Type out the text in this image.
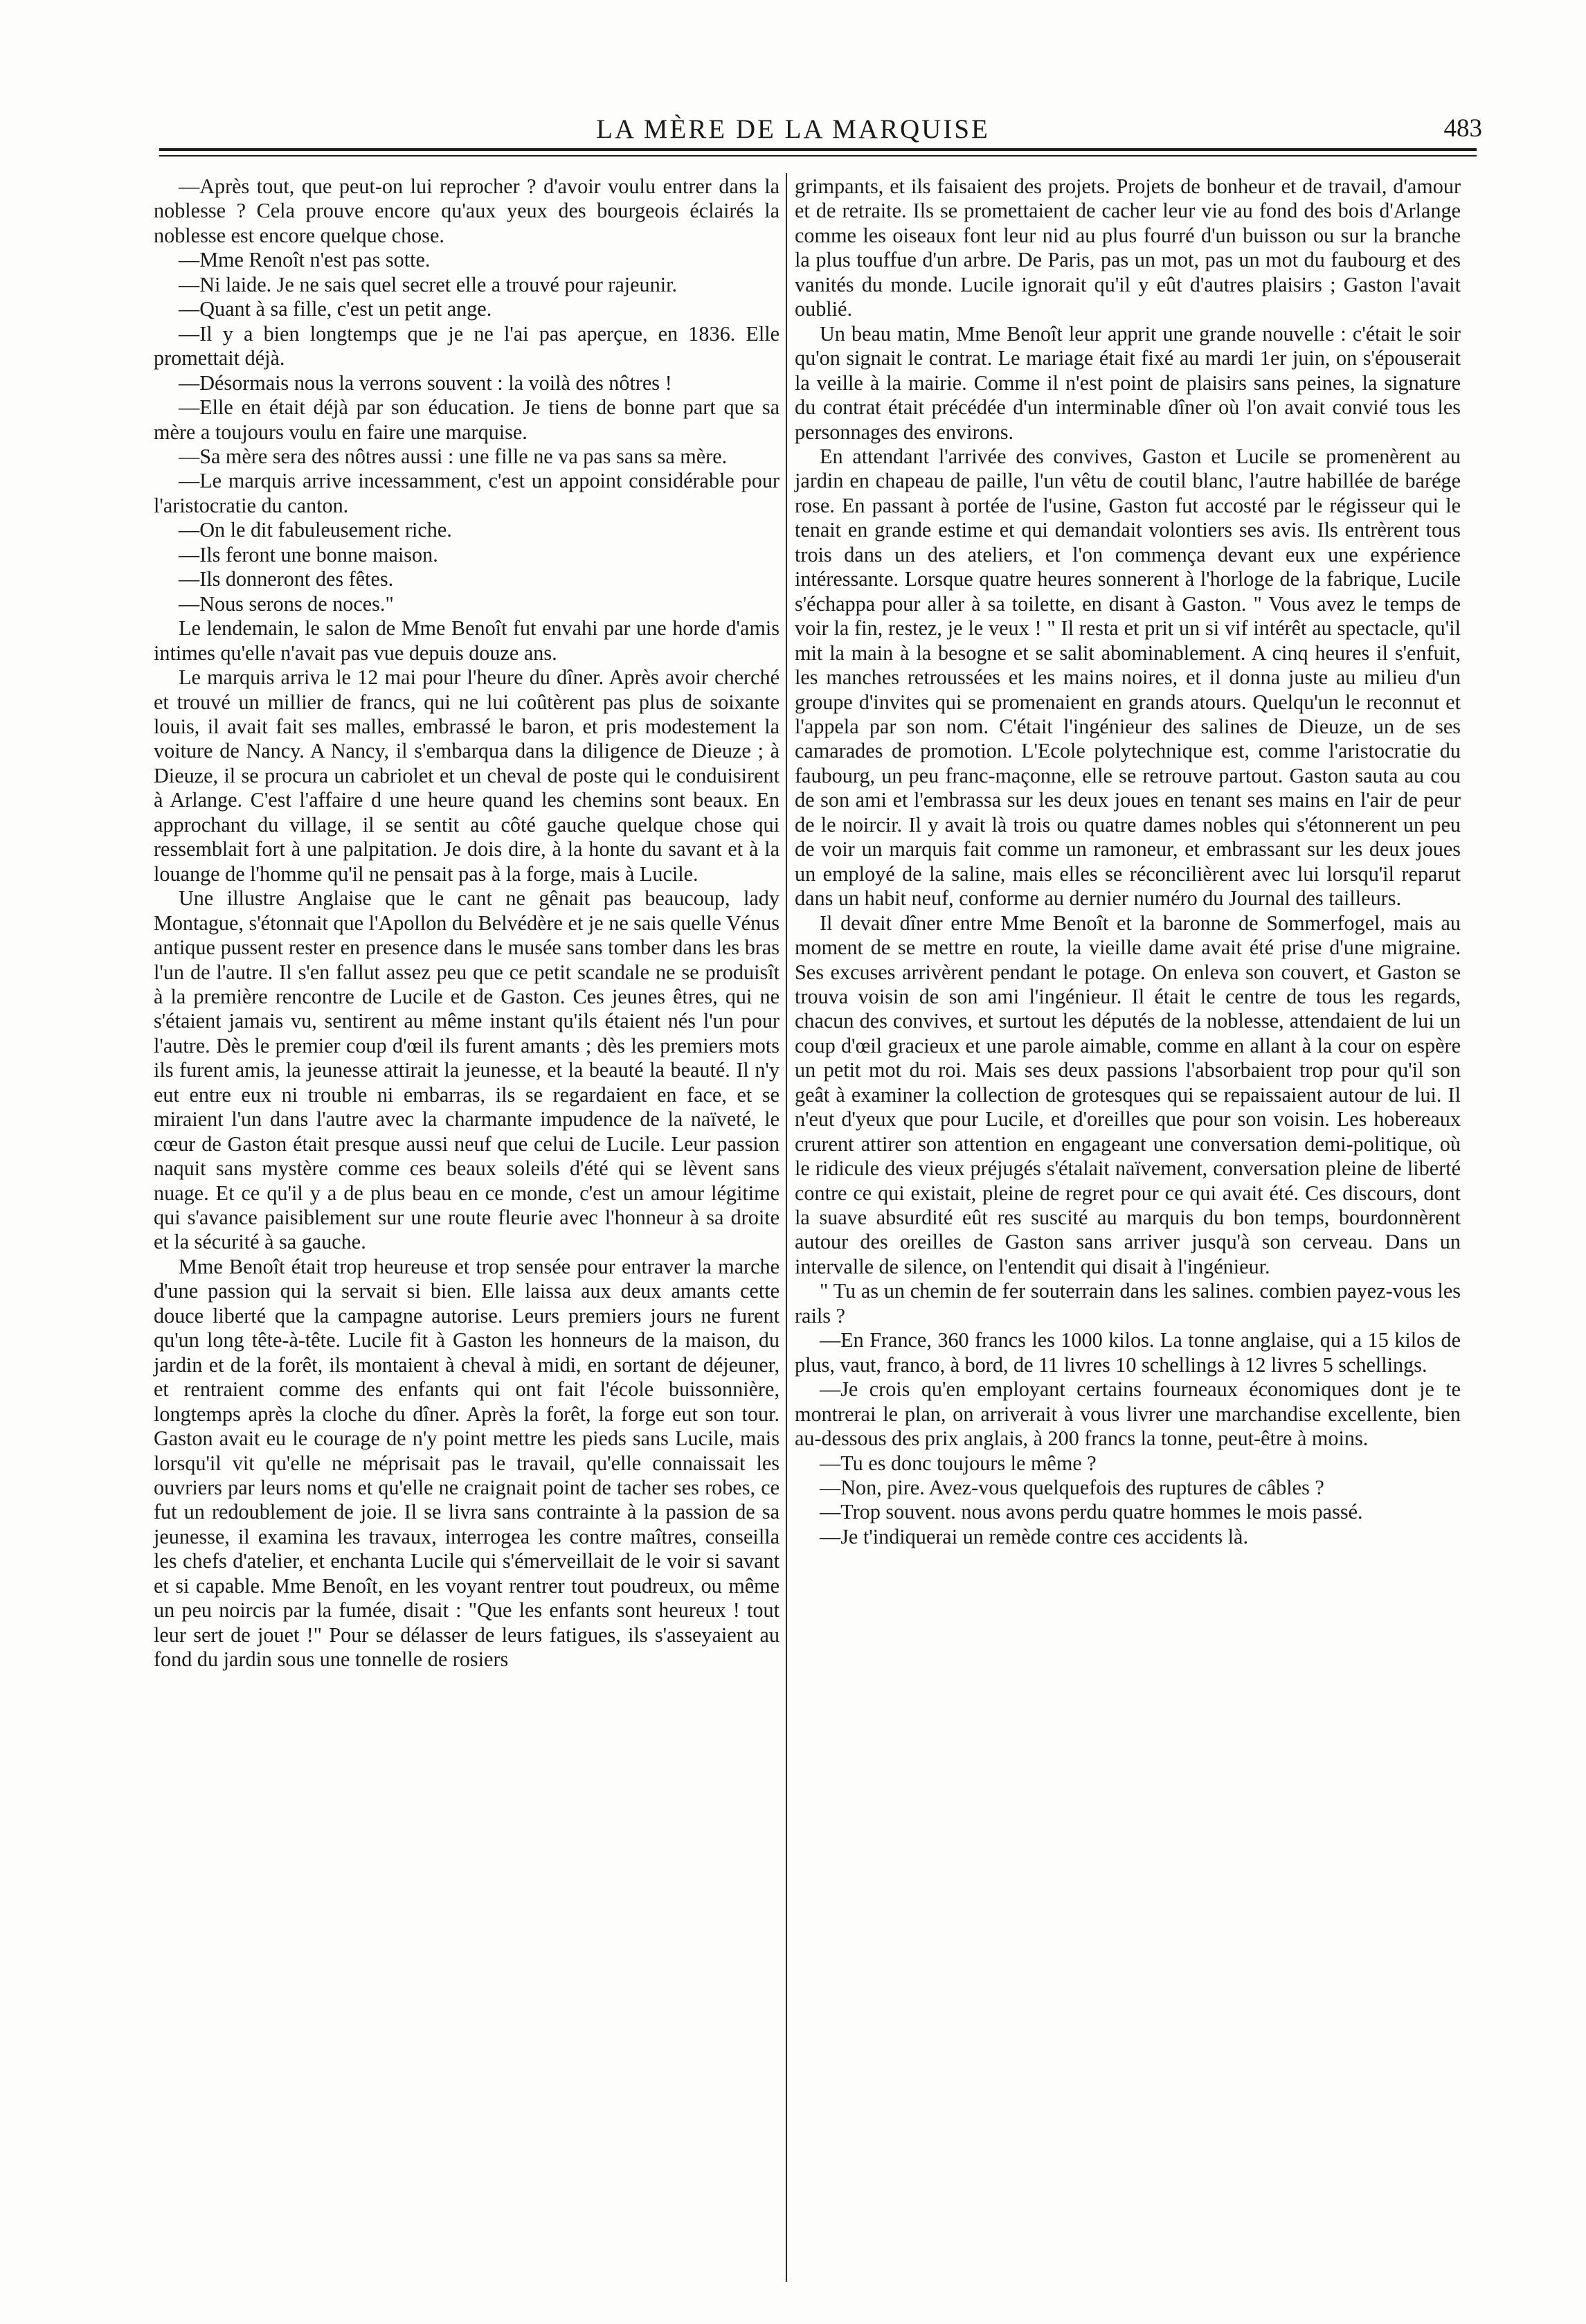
LA MÈRE DE LA MARQUISE	483

—Après tout, que peut-on lui reprocher ? d'avoir voulu entrer dans la noblesse ? Cela prouve encore qu'aux yeux des bourgeois éclairés la noblesse est encore quelque chose.

—Mme Renoît n'est pas sotte.

—Ni laide. Je ne sais quel secret elle a trouvé pour rajeunir.

—Quant à sa fille, c'est un petit ange.

—Il y a bien longtemps que je ne l'ai pas aperçue, en 1836. Elle promettait déjà.

—Désormais nous la verrons souvent : la voilà des nôtres !

—Elle en était déjà par son éducation. Je tiens de bonne part que sa mère a toujours voulu en faire une marquise.

—Sa mère sera des nôtres aussi : une fille ne va pas sans sa mère.

—Le marquis arrive incessamment, c'est un appoint considérable pour l'aristocratie du canton.

—On le dit fabuleusement riche.

—Ils feront une bonne maison.

—Ils donneront des fêtes.

—Nous serons de noces."

Le lendemain, le salon de Mme Benoît fut envahi par une horde d'amis intimes qu'elle n'avait pas vue depuis douze ans.

Le marquis arriva le 12 mai pour l'heure du dîner. Après avoir cherché et trouvé un millier de francs, qui ne lui coûtèrent pas plus de soixante louis, il avait fait ses malles, embrassé le baron, et pris modestement la voiture de Nancy. A Nancy, il s'embarqua dans la diligence de Dieuze ; à Dieuze, il se procura un cabriolet et un cheval de poste qui le conduisirent à Arlange. C'est l'affaire d une heure quand les chemins sont beaux. En approchant du village, il se sentit au côté gauche quelque chose qui ressemblait fort à une palpitation. Je dois dire, à la honte du savant et à la louange de l'homme qu'il ne pensait pas à la forge, mais à Lucile.

Une illustre Anglaise que le cant ne gênait pas beaucoup, lady Montague, s'étonnait que l'Apollon du Belvédère et je ne sais quelle Vénus antique pussent rester en presence dans le musée sans tomber dans les bras l'un de l'autre. Il s'en fallut assez peu que ce petit scandale ne se produisît à la première rencontre de Lucile et de Gaston. Ces jeunes êtres, qui ne s'étaient jamais vu, sentirent au même instant qu'ils étaient nés l'un pour l'autre. Dès le premier coup d'œil ils furent amants ; dès les premiers mots ils furent amis, la jeunesse attirait la jeunesse, et la beauté la beauté. Il n'y eut entre eux ni trouble ni embarras, ils se regardaient en face, et se miraient l'un dans l'autre avec la charmante impudence de la naïveté, le cœur de Gaston était presque aussi neuf que celui de Lucile. Leur passion naquit sans mystère comme ces beaux soleils d'été qui se lèvent sans nuage. Et ce qu'il y a de plus beau en ce monde, c'est un amour légitime qui s'avance paisiblement sur une route fleurie avec l'honneur à sa droite et la sécurité à sa gauche.

Mme Benoît était trop heureuse et trop sensée pour entraver la marche d'une passion qui la servait si bien. Elle laissa aux deux amants cette douce liberté que la campagne autorise. Leurs premiers jours ne furent qu'un long tête-à-tête. Lucile fit à Gaston les honneurs de la maison, du jardin et de la forêt, ils montaient à cheval à midi, en sortant de déjeuner, et rentraient comme des enfants qui ont fait l'école buissonnière, longtemps après la cloche du dîner. Après la forêt, la forge eut son tour. Gaston avait eu le courage de n'y point mettre les pieds sans Lucile, mais lorsqu'il vit qu'elle ne méprisait pas le travail, qu'elle connaissait les ouvriers par leurs noms et qu'elle ne craignait point de tacher ses robes, ce fut un redoublement de joie. Il se livra sans contrainte à la passion de sa jeunesse, il examina les travaux, interrogea les contre maîtres, conseilla les chefs d'atelier, et enchanta Lucile qui s'émerveillait de le voir si savant et si capable. Mme Benoît, en les voyant rentrer tout poudreux, ou même un peu noircis par la fumée, disait : "Que les enfants sont heureux ! tout leur sert de jouet !" Pour se délasser de leurs fatigues, ils s'asseyaient au fond du jardin sous une tonnelle de rosiers

grimpants, et ils faisaient des projets. Projets de bonheur et de travail, d'amour et de retraite. Ils se promettaient de cacher leur vie au fond des bois d'Arlange comme les oiseaux font leur nid au plus fourré d'un buisson ou sur la branche la plus touffue d'un arbre. De Paris, pas un mot, pas un mot du faubourg et des vanités du monde. Lucile ignorait qu'il y eût d'autres plaisirs ; Gaston l'avait oublié.

Un beau matin, Mme Benoît leur apprit une grande nouvelle : c'était le soir qu'on signait le contrat. Le mariage était fixé au mardi 1er juin, on s'épouserait la veille à la mairie. Comme il n'est point de plaisirs sans peines, la signature du contrat était précédée d'un interminable dîner où l'on avait convié tous les personnages des environs.

En attendant l'arrivée des convives, Gaston et Lucile se promenèrent au jardin en chapeau de paille, l'un vêtu de coutil blanc, l'autre habillée de barége rose. En passant à portée de l'usine, Gaston fut accosté par le régisseur qui le tenait en grande estime et qui demandait volontiers ses avis. Ils entrèrent tous trois dans un des ateliers, et l'on commença devant eux une expérience intéressante. Lorsque quatre heures sonnerent à l'horloge de la fabrique, Lucile s'échappa pour aller à sa toilette, en disant à Gaston. " Vous avez le temps de voir la fin, restez, je le veux ! " Il resta et prit un si vif intérêt au spectacle, qu'il mit la main à la besogne et se salit abominablement. A cinq heures il s'enfuit, les manches retroussées et les mains noires, et il donna juste au milieu d'un groupe d'invites qui se promenaient en grands atours. Quelqu'un le reconnut et l'appela par son nom. C'était l'ingénieur des salines de Dieuze, un de ses camarades de promotion. L'Ecole polytechnique est, comme l'aristocratie du faubourg, un peu franc-maçonne, elle se retrouve partout. Gaston sauta au cou de son ami et l'embrassa sur les deux joues en tenant ses mains en l'air de peur de le noircir. Il y avait là trois ou quatre dames nobles qui s'étonnerent un peu de voir un marquis fait comme un ramoneur, et embrassant sur les deux joues un employé de la saline, mais elles se réconcilièrent avec lui lorsqu'il reparut dans un habit neuf, conforme au dernier numéro du Journal des tailleurs.

Il devait dîner entre Mme Benoît et la baronne de Sommerfogel, mais au moment de se mettre en route, la vieille dame avait été prise d'une migraine. Ses excuses arrivèrent pendant le potage. On enleva son couvert, et Gaston se trouva voisin de son ami l'ingénieur. Il était le centre de tous les regards, chacun des convives, et surtout les députés de la noblesse, attendaient de lui un coup d'œil gracieux et une parole aimable, comme en allant à la cour on espère un petit mot du roi. Mais ses deux passions l'absorbaient trop pour qu'il son geât à examiner la collection de grotesques qui se repaissaient autour de lui. Il n'eut d'yeux que pour Lucile, et d'oreilles que pour son voisin. Les hobereaux crurent attirer son attention en engageant une conversation demi-politique, où le ridicule des vieux préjugés s'étalait naïvement, conversation pleine de liberté contre ce qui existait, pleine de regret pour ce qui avait été. Ces discours, dont la suave absurdité eût res suscité au marquis du bon temps, bourdonnèrent autour des oreilles de Gaston sans arriver jusqu'à son cerveau. Dans un intervalle de silence, on l'entendit qui disait à l'ingénieur.

" Tu as un chemin de fer souterrain dans les salines. combien payez-vous les rails ?

—En France, 360 francs les 1000 kilos. La tonne anglaise, qui a 15 kilos de plus, vaut, franco, à bord, de 11 livres 10 schellings à 12 livres 5 schellings.

—Je crois qu'en employant certains fourneaux économiques dont je te montrerai le plan, on arriverait à vous livrer une marchandise excellente, bien au-dessous des prix anglais, à 200 francs la tonne, peut-être à moins.

—Tu es donc toujours le même ?

—Non, pire. Avez-vous quelquefois des ruptures de câbles ?

—Trop souvent. nous avons perdu quatre hommes le mois passé.

—Je t'indiquerai un remède contre ces accidents là.
